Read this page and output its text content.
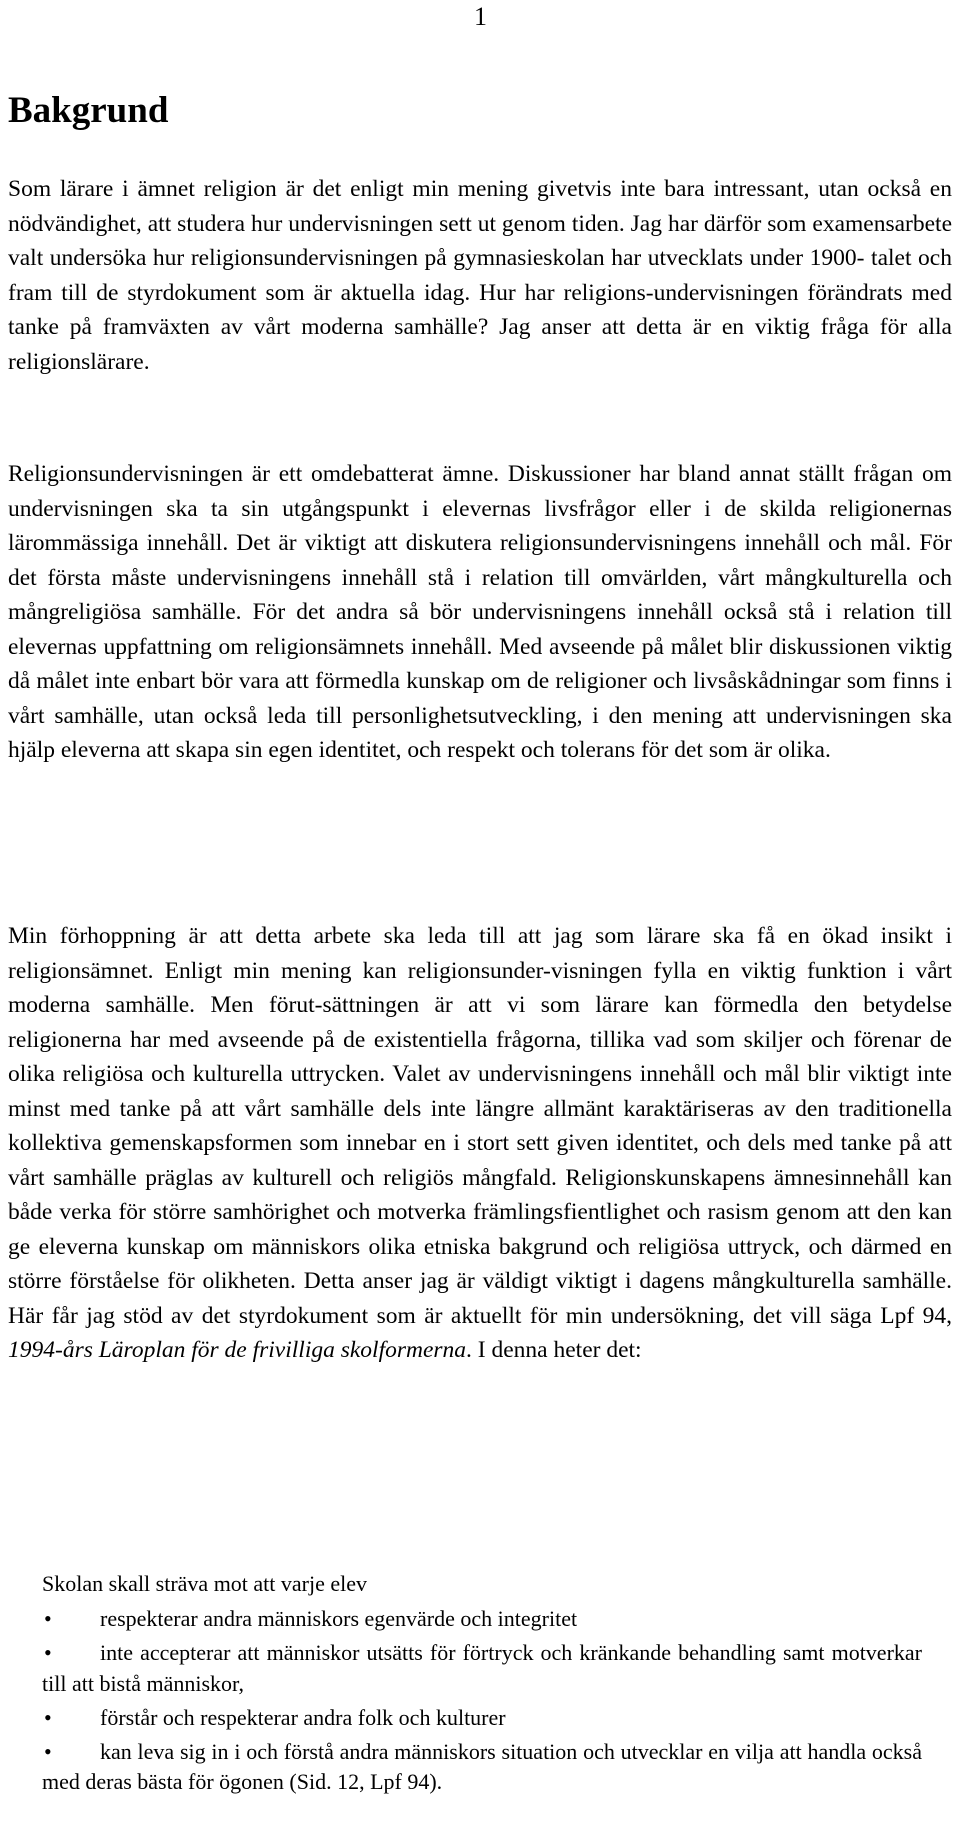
1
Bakgrund

Som lärare i ämnet religion är det enligt min mening givetvis inte bara intressant, utan också en nödvändighet, att studera hur undervisningen sett ut genom tiden. Jag har därför som examensarbete valt undersöka hur religionsundervisningen på gymnasieskolan har utvecklats under 1900- talet och fram till de styrdokument som är aktuella idag. Hur har religions-undervisningen förändrats med tanke på framväxten av vårt moderna samhälle? Jag anser att detta är en viktig fråga för alla religionslärare.

Religionsundervisningen är ett omdebatterat ämne. Diskussioner har bland annat ställt frågan om undervisningen ska ta sin utgångspunkt i elevernas livsfrågor eller i de skilda religionernas lärommässiga innehåll. Det är viktigt att diskutera religionsundervisningens innehåll och mål. För det första måste undervisningens innehåll stå i relation till omvärlden, vårt mångkulturella och mångreligiösa samhälle. För det andra så bör undervisningens innehåll också stå i relation till elevernas uppfattning om religionsämnets innehåll. Med avseende på målet blir diskussionen viktig då målet inte enbart bör vara att förmedla kunskap om de religioner och livsåskådningar som finns i vårt samhälle, utan också leda till personlighetsutveckling, i den mening att undervisningen ska hjälp eleverna att skapa sin egen identitet, och respekt och tolerans för det som är olika.

Min förhoppning är att detta arbete ska leda till att jag som lärare ska få en ökad insikt i religionsämnet. Enligt min mening kan religionsunder-visningen fylla en viktig funktion i vårt moderna samhälle. Men förut-sättningen är att vi som lärare kan förmedla den betydelse religionerna har med avseende på de existentiella frågorna, tillika vad som skiljer och förenar de olika religiösa och kulturella uttrycken. Valet av undervisningens innehåll och mål blir viktigt inte minst med tanke på att vårt samhälle dels inte längre allmänt karaktäriseras av den traditionella kollektiva gemenskapsformen som innebar en i stort sett given identitet, och dels med tanke på att vårt samhälle präglas av kulturell och religiös mångfald. Religionskunskapens ämnesinnehåll kan både verka för större samhörighet och motverka främlingsfientlighet och rasism genom att den kan ge eleverna kunskap om människors olika etniska bakgrund och religiösa uttryck, och därmed en större förståelse för olikheten. Detta anser jag är väldigt viktigt i dagens mångkulturella samhälle. Här får jag stöd av det styrdokument som är aktuellt för min undersökning, det vill säga Lpf 94, 1994-års Läroplan för de frivilliga skolformerna. I denna heter det:

Skolan skall sträva mot att varje elev

• respekterar andra människors egenvärde och integritet
• inte accepterar att människor utsätts för förtryck och kränkande behandling samt motverkar till att bistå människor,
• förstår och respekterar andra folk och kulturer
• kan leva sig in i och förstå andra människors situation och utvecklar en vilja att handla också med deras bästa för ögonen (Sid. 12, Lpf 94).
